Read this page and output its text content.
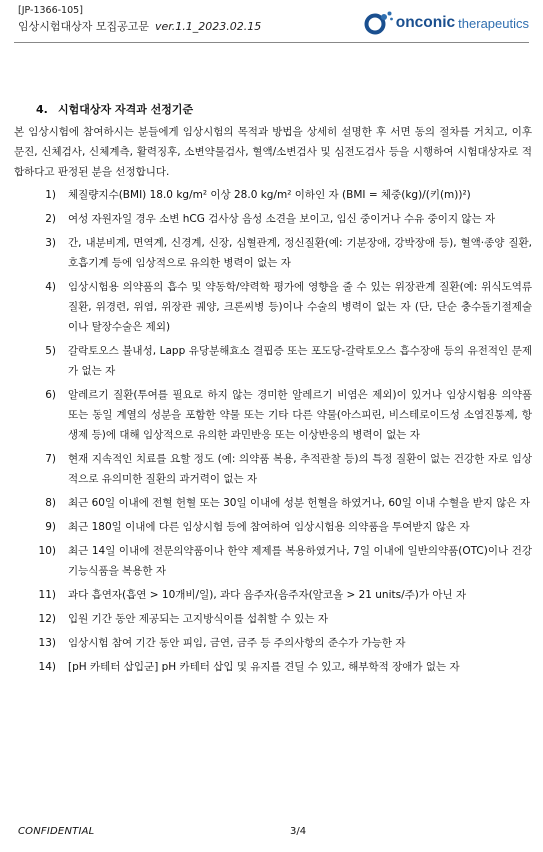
[JP-1366-105]
임상시험대상자 모집공고문 ver.1.1_2023.02.15	onconic therapeutics
4. 시험대상자 자격과 선정기준
본 임상시험에 참여하시는 분들에게 임상시험의 목적과 방법을 상세히 설명한 후 서면 동의 절차를 거치고, 이후 문진, 신체검사, 신체계측, 활력징후, 소변약물검사, 혈액/소변검사 및 심전도검사 등을 시행하여 시험대상자로 적합하다고 판정된 분을 선정합니다.
1)	체질량지수(BMI) 18.0 kg/m² 이상 28.0 kg/m² 이하인 자 (BMI = 체중(kg)/(키(m))²)
2)	여성 자원자일 경우 소변 hCG 검사상 음성 소견을 보이고, 임신 중이거나 수유 중이지 않는 자
3)	간, 내분비계, 면역계, 신경계, 신장, 심혈관계, 정신질환(예: 기분장애, 강박장애 등), 혈액·종양 질환, 호흡기계 등에 임상적으로 유의한 병력이 없는 자
4)	임상시험용 의약품의 흡수 및 약동학/약력학 평가에 영향을 줄 수 있는 위장관계 질환(예: 위식도역류질환, 위경련, 위염, 위장관 궤양, 크론씨병 등)이나 수술의 병력이 없는 자 (단, 단순 충수돌기절제술 이나 탈장수술은 제외)
5)	갈락토오스 불내성, Lapp 유당분해효소 결핍증 또는 포도당-갈락토오스 흡수장애 등의 유전적인 문제가 없는 자
6)	알레르기 질환(투여를 필요로 하지 않는 경미한 알레르기 비염은 제외)이 있거나 임상시험용 의약품 또는 동일 계열의 성분을 포함한 약물 또는 기타 다른 약물(아스피린, 비스테로이드성 소염진통제, 항생제 등)에 대해 임상적으로 유의한 과민반응 또는 이상반응의 병력이 없는 자
7)	현재 지속적인 치료를 요할 정도 (예: 의약품 복용, 추적관찰 등)의 특정 질환이 없는 건강한 자로 임상적으로 유의미한 질환의 과거력이 없는 자
8)	최근 60일 이내에 전혈 헌혈 또는 30일 이내에 성분 헌혈을 하였거나, 60일 이내 수혈을 받지 않은 자
9)	최근 180일 이내에 다른 임상시험 등에 참여하여 임상시험용 의약품을 투여받지 않은 자
10)	최근 14일 이내에 전문의약품이나 한약 제제를 복용하였거나, 7일 이내에 일반의약품(OTC)이나 건강기능식품을 복용한 자
11)	과다 흡연자(흡연 > 10개비/일), 과다 음주자(음주자(알코올 > 21 units/주)가 아닌 자
12)	입원 기간 동안 제공되는 고지방식이를 섭취할 수 있는 자
13)	임상시험 참여 기간 동안 피임, 금연, 금주 등 주의사항의 준수가 가능한 자
14)	[pH 카테터 삽입군] pH 카테터 삽입 및 유지를 견딜 수 있고, 해부학적 장애가 없는 자
CONFIDENTIAL	3/4
